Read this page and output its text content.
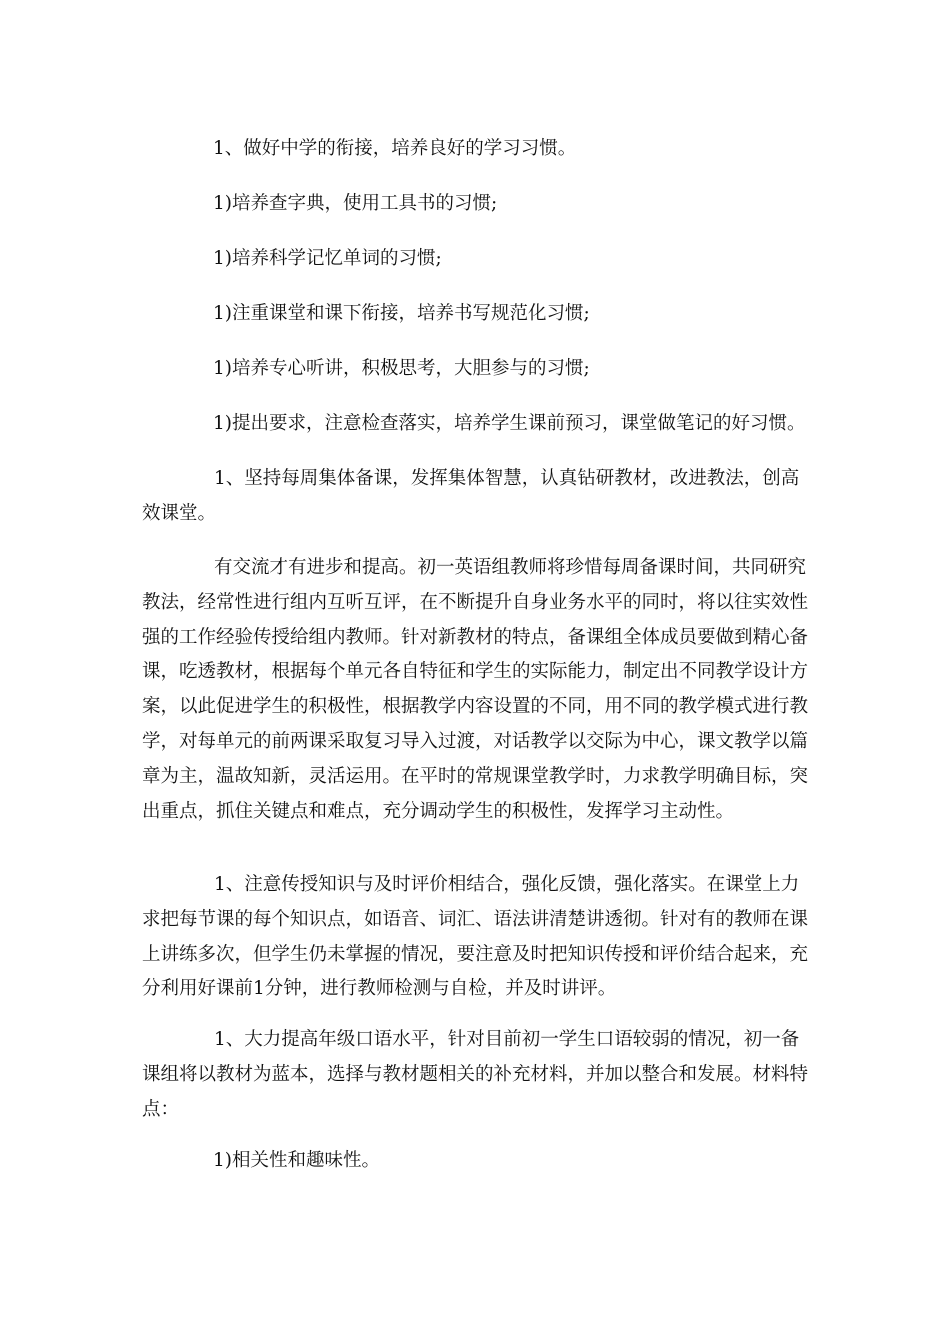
1、做好中学的衔接，培养良好的学习习惯。

1)培养查字典，使用工具书的习惯;

1)培养科学记忆单词的习惯;

1)注重课堂和课下衔接，培养书写规范化习惯;

1)培养专心听讲，积极思考，大胆参与的习惯;

1)提出要求，注意检查落实，培养学生课前预习，课堂做笔记的好习惯。

1、坚持每周集体备课，发挥集体智慧，认真钻研教材，改进教法，创高效课堂。

有交流才有进步和提高。初一英语组教师将珍惜每周备课时间，共同研究教法，经常性进行组内互听互评，在不断提升自身业务水平的同时，将以往实效性强的工作经验传授给组内教师。针对新教材的特点，备课组全体成员要做到精心备课，吃透教材，根据每个单元各自特征和学生的实际能力，制定出不同教学设计方案，以此促进学生的积极性，根据教学内容设置的不同，用不同的教学模式进行教学，对每单元的前两课采取复习导入过渡，对话教学以交际为中心，课文教学以篇章为主，温故知新，灵活运用。在平时的常规课堂教学时，力求教学明确目标，突出重点，抓住关键点和难点，充分调动学生的积极性，发挥学习主动性。

1、注意传授知识与及时评价相结合，强化反馈，强化落实。在课堂上力求把每节课的每个知识点，如语音、词汇、语法讲清楚讲透彻。针对有的教师在课上讲练多次，但学生仍未掌握的情况，要注意及时把知识传授和评价结合起来，充分利用好课前1分钟，进行教师检测与自检，并及时讲评。

1、大力提高年级口语水平，针对目前初一学生口语较弱的情况，初一备课组将以教材为蓝本，选择与教材题相关的补充材料，并加以整合和发展。材料特点：

1)相关性和趣味性。
